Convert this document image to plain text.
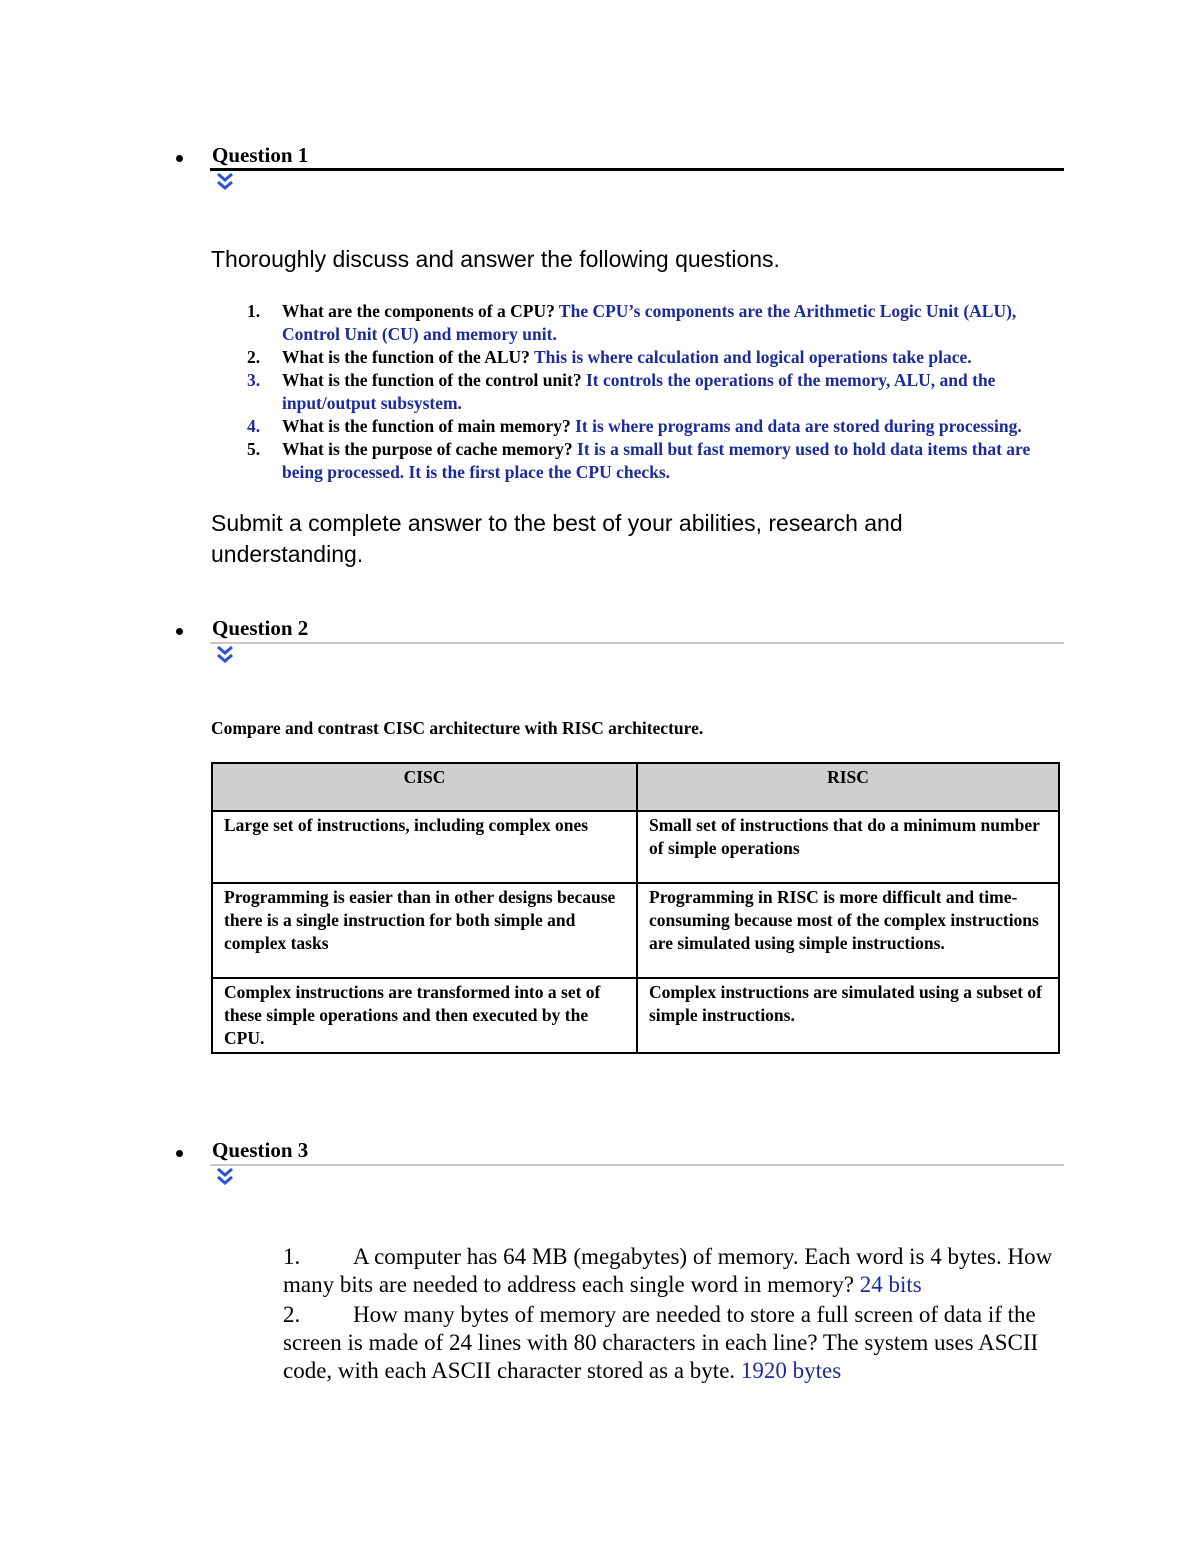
Question 1
Thoroughly discuss and answer the following questions.
1. What are the components of a CPU? The CPU’s components are the Arithmetic Logic Unit (ALU), Control Unit (CU) and memory unit.
2. What is the function of the ALU? This is where calculation and logical operations take place.
3. What is the function of the control unit? It controls the operations of the memory, ALU, and the input/output subsystem.
4. What is the function of main memory? It is where programs and data are stored during processing.
5. What is the purpose of cache memory? It is a small but fast memory used to hold data items that are being processed. It is the first place the CPU checks.
Submit a complete answer to the best of your abilities, research and understanding.
Question 2
Compare and contrast CISC architecture with RISC architecture.
CISC	RISC
Large set of instructions, including complex ones	Small set of instructions that do a minimum number of simple operations
Programming is easier than in other designs because there is a single instruction for both simple and complex tasks	Programming in RISC is more difficult and time-consuming because most of the complex instructions are simulated using simple instructions.
Complex instructions are transformed into a set of these simple operations and then executed by the CPU.	Complex instructions are simulated using a subset of simple instructions.
Question 3
1. A computer has 64 MB (megabytes) of memory. Each word is 4 bytes. How many bits are needed to address each single word in memory? 24 bits
2. How many bytes of memory are needed to store a full screen of data if the screen is made of 24 lines with 80 characters in each line? The system uses ASCII code, with each ASCII character stored as a byte. 1920 bytes
